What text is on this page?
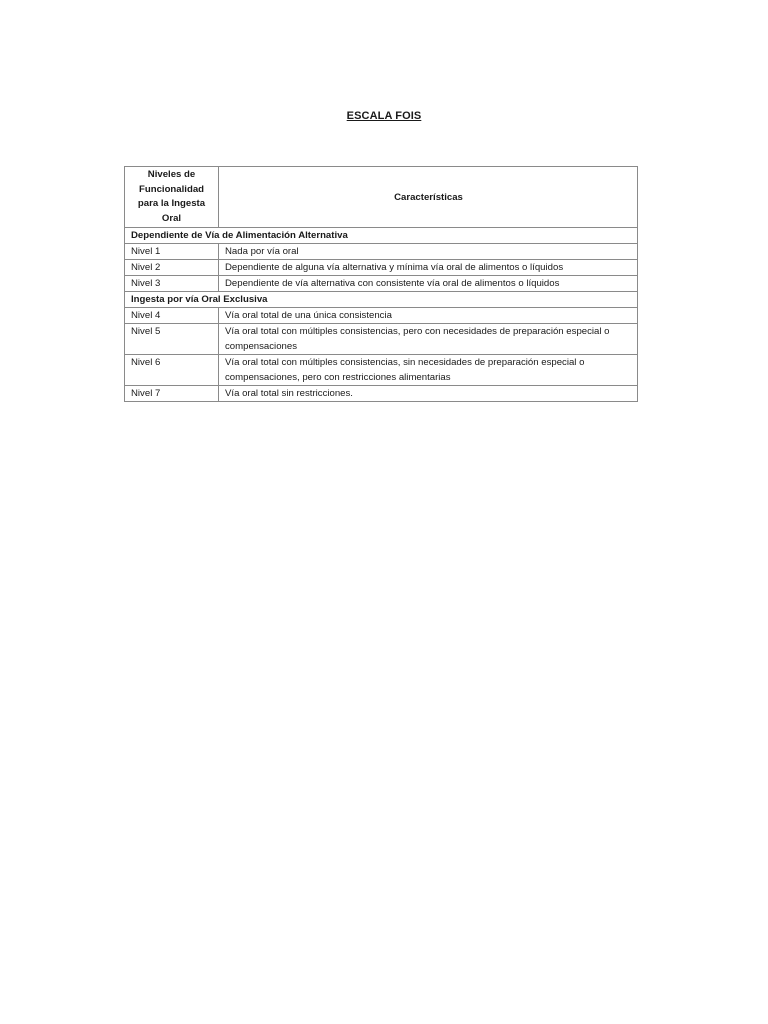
ESCALA FOIS
Niveles de Funcionalidad para la Ingesta Oral	Características
Dependiente de Vía de Alimentación Alternativa	
Nivel 1	Nada por vía oral
Nivel 2	Dependiente de alguna vía alternativa y mínima vía oral de alimentos o líquidos
Nivel 3	Dependiente de vía alternativa con consistente vía oral de alimentos o líquidos
Ingesta por vía Oral Exclusiva	
Nivel 4	Vía oral total de una única consistencia
Nivel 5	Vía oral total con múltiples consistencias, pero con necesidades de preparación especial o compensaciones
Nivel 6	Vía oral total con múltiples consistencias, sin necesidades de preparación especial o compensaciones, pero con restricciones alimentarias
Nivel 7	Vía oral total sin restricciones.
